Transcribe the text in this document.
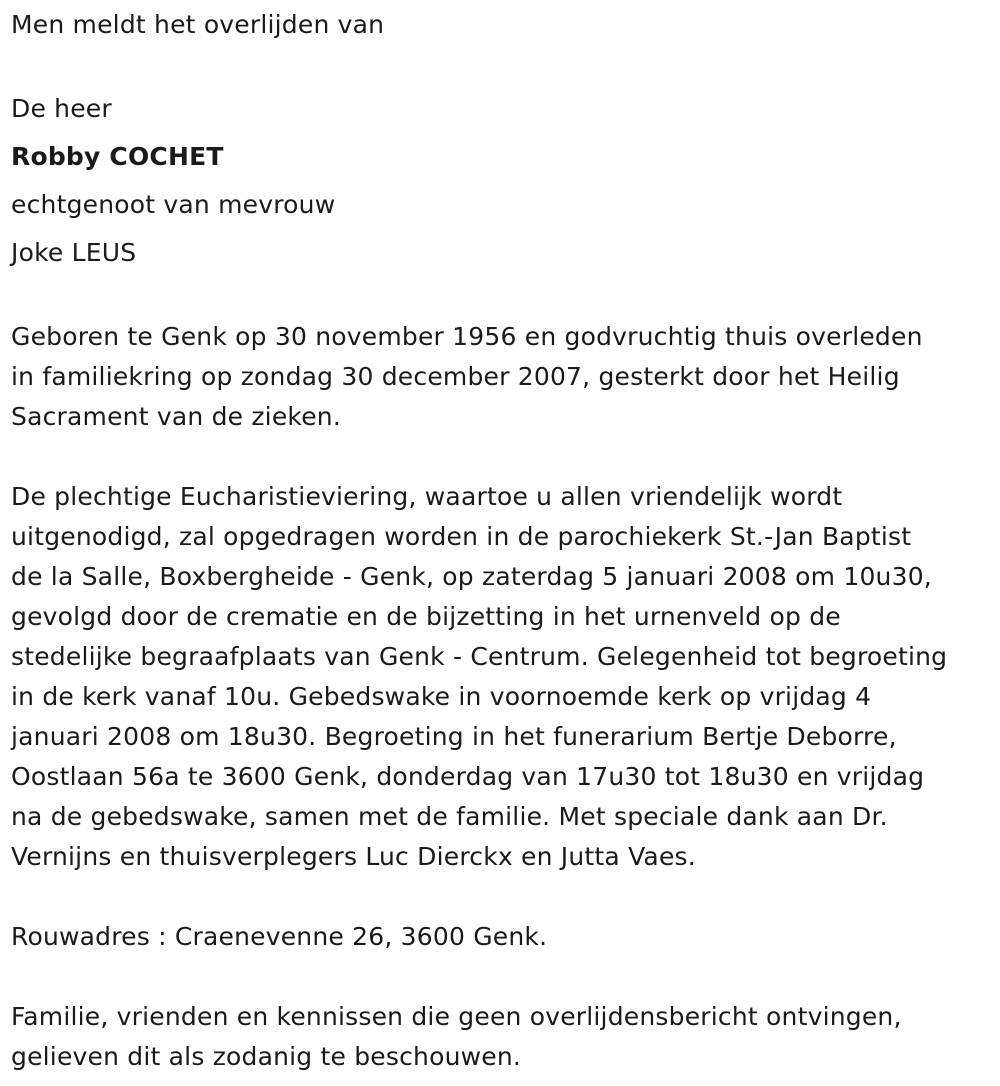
Men meldt het overlijden van
De heer
Robby COCHET
echtgenoot van mevrouw
Joke LEUS
Geboren te Genk op 30 november 1956 en godvruchtig thuis overleden
in familiekring op zondag 30 december 2007, gesterkt door het Heilig
Sacrament van de zieken.
De plechtige Eucharistieviering, waartoe u allen vriendelijk wordt
uitgenodigd, zal opgedragen worden in de parochiekerk St.-Jan Baptist
de la Salle, Boxbergheide - Genk, op zaterdag 5 januari 2008 om 10u30,
gevolgd door de crematie en de bijzetting in het urnenveld op de
stedelijke begraafplaats van Genk - Centrum. Gelegenheid tot begroeting
in de kerk vanaf 10u. Gebedswake in voornoemde kerk op vrijdag 4
januari 2008 om 18u30. Begroeting in het funerarium Bertje Deborre,
Oostlaan 56a te 3600 Genk, donderdag van 17u30 tot 18u30 en vrijdag
na de gebedswake, samen met de familie. Met speciale dank aan Dr.
Vernijns en thuisverplegers Luc Dierckx en Jutta Vaes.
Rouwadres : Craenevenne 26, 3600 Genk.
Familie, vrienden en kennissen die geen overlijdensbericht ontvingen,
gelieven dit als zodanig te beschouwen.
